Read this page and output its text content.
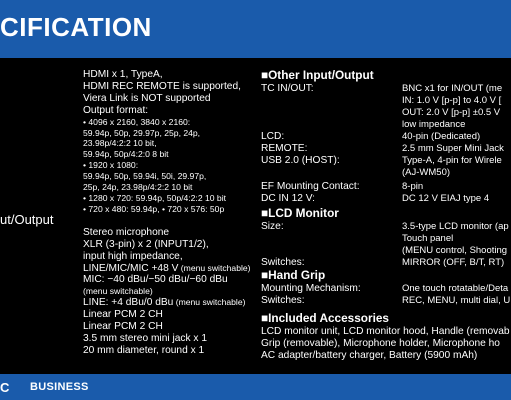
CIFICATION
ut/Output
HDMI x 1, TypeA,
HDMI REC REMOTE is supported,
Viera Link is NOT supported
Output format:
• 4096 x 2160, 3840 x 2160:
59.94p, 50p, 29.97p, 25p, 24p,
23.98p/4:2:2 10 bit,
59.94p, 50p/4:2:0 8 bit
• 1920 x 1080:
59.94p, 50p, 59.94i, 50i, 29.97p,
25p, 24p, 23.98p/4:2:2 10 bit
• 1280 x 720: 59.94p, 50p/4:2:2 10 bit
• 720 x 480: 59.94p, • 720 x 576: 50p
Stereo microphone
XLR (3-pin) x 2 (INPUT1/2),
input high impedance,
LINE/MIC/MIC +48 V (menu switchable)
MIC: −40 dBu/−50 dBu/−60 dBu
(menu switchable)
LINE: +4 dBu/0 dBu (menu switchable)
Linear PCM 2 CH
Linear PCM 2 CH
3.5 mm stereo mini jack x 1
20 mm diameter, round x 1
■Other Input/Output
TC IN/OUT:	BNC x1 for IN/OUT (me
IN: 1.0 V [p-p] to 4.0 V [
OUT: 2.0 V [p-p] ±0.5 V
low impedance
LCD:	40-pin (Dedicated)
REMOTE:	2.5 mm Super Mini Jack
USB 2.0 (HOST):	Type-A, 4-pin for Wirele
(AJ-WM50)
EF Mounting Contact:	8-pin
DC IN 12 V:	DC 12 V EIAJ type 4
■LCD Monitor
Size:	3.5-type LCD monitor (ap
Touch panel
(MENU control, Shooting
Switches:	MIRROR (OFF, B/T, RT)
■Hand Grip
Mounting Mechanism:	One touch rotatable/Deta
Switches:	REC, MENU, multi dial, U
■Included Accessories
LCD monitor unit, LCD monitor hood, Handle (removab
Grip (removable), Microphone holder, Microphone ho
AC adapter/battery charger, Battery (5900 mAh)
C BUSINESS
